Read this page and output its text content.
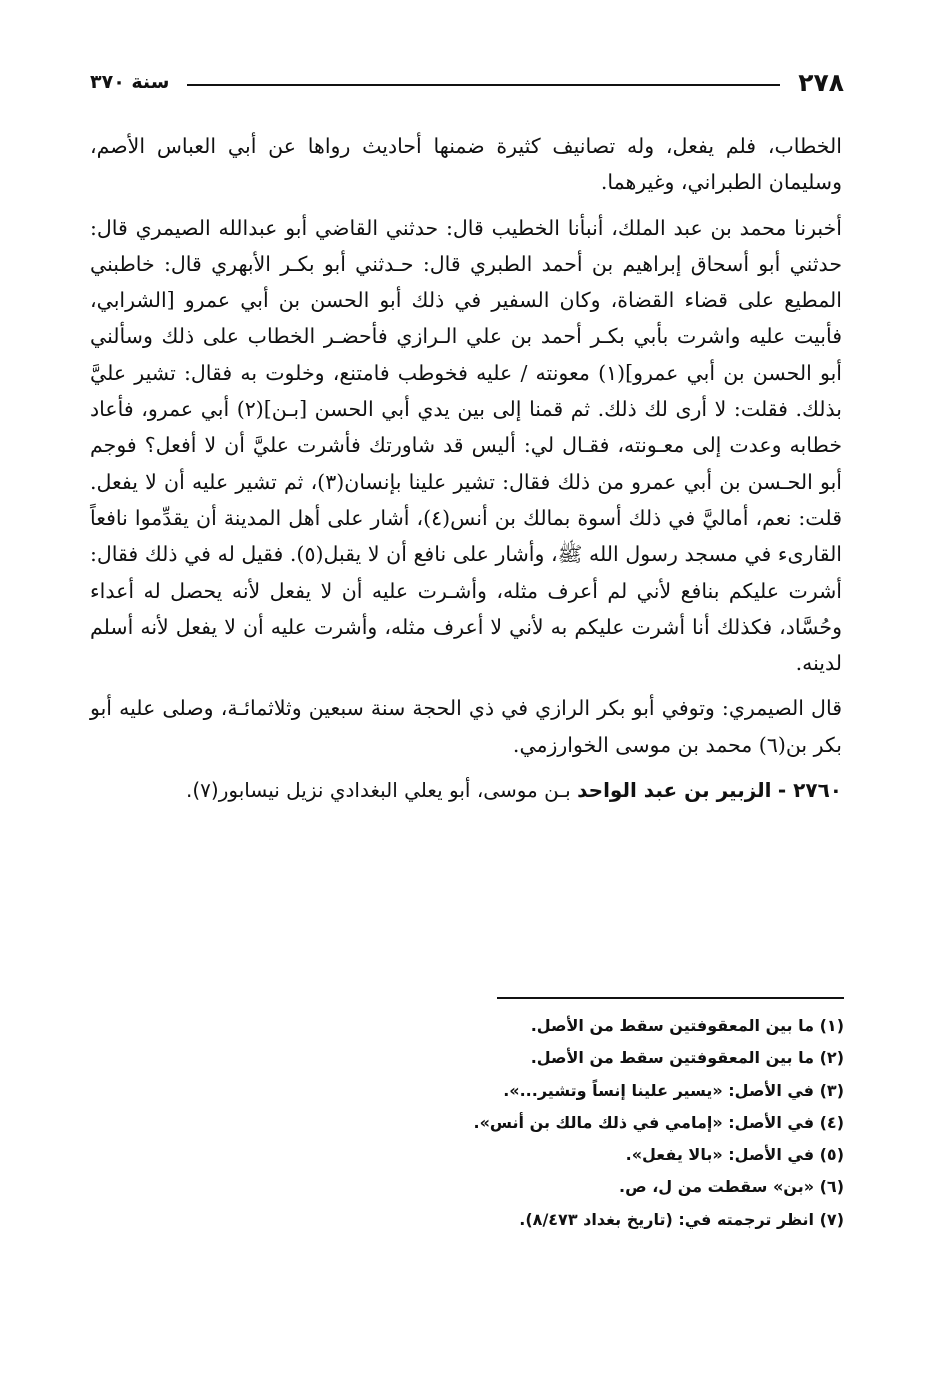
٢٧٨
سنة ٣٧٠

الخطاب، فلم يفعل، وله تصانيف كثيرة ضمنها أحاديث رواها عن أبي العباس الأصم، وسليمان الطبراني، وغيرهما.

أخبرنا محمد بن عبد الملك، أنبأنا الخطيب قال: حدثني القاضي أبو عبدالله الصيمري قال: حدثني أبو أسحاق إبراهيم بن أحمد الطبري قال: حـدثني أبو بكـر الأبهري قال: خاطبني المطيع على قضاء القضاة، وكان السفير في ذلك أبو الحسن بن أبي عمرو [الشرابي، فأبيت عليه واشرت بأبي بكـر أحمد بن علي الـرازي فأحضـر الخطاب على ذلك وسألني أبو الحسن بن أبي عمرو](١) معونته / عليه فخوطب فامتنع، وخلوت به فقال: تشير عليَّ بذلك. فقلت: لا أرى لك ذلك. ثم قمنا إلى بين يدي أبي الحسن [بـن](٢) أبي عمرو، فأعاد خطابه وعدت إلى معـونته، فقـال لي: أليس قد شاورتك فأشرت عليَّ أن لا أفعل؟ فوجم أبو الحـسن بن أبي عمرو من ذلك فقال: تشير علينا بإنسان(٣)، ثم تشير عليه أن لا يفعل. قلت: نعم، أماليَّ في ذلك أسوة بمالك بن أنس(٤)، أشار على أهل المدينة أن يقدِّموا نافعاً القارىء في مسجد رسول الله ﷺ، وأشار على نافع أن لا يقبل(٥). فقيل له في ذلك فقال: أشرت عليكم بنافع لأني لم أعرف مثله، وأشـرت عليه أن لا يفعل لأنه يحصل له أعداء وحُسَّاد، فكذلك أنا أشرت عليكم به لأني لا أعرف مثله، وأشرت عليه أن لا يفعل لأنه أسلم لدينه.

قال الصيمري: وتوفي أبو بكر الرازي في ذي الحجة سنة سبعين وثلاثمائـة، وصلى عليه أبو بكر بن(٦) محمد بن موسى الخوارزمي.

٢٧٦٠ - الزبير بن عبد الواحد بـن موسى، أبو يعلي البغدادي نزيل نيسابور(٧).

(١) ما بين المعقوفتين سقط من الأصل.
(٢) ما بين المعقوفتين سقط من الأصل.
(٣) في الأصل: «يسير علينا إنساً وتشير...».
(٤) في الأصل: «إمامي في ذلك مالك بن أنس».
(٥) في الأصل: «بالا يفعل».
(٦) «بن» سقطت من ل، ص.
(٧) انظر ترجمته في: (تاريخ بغداد ٨/٤٧٣).
